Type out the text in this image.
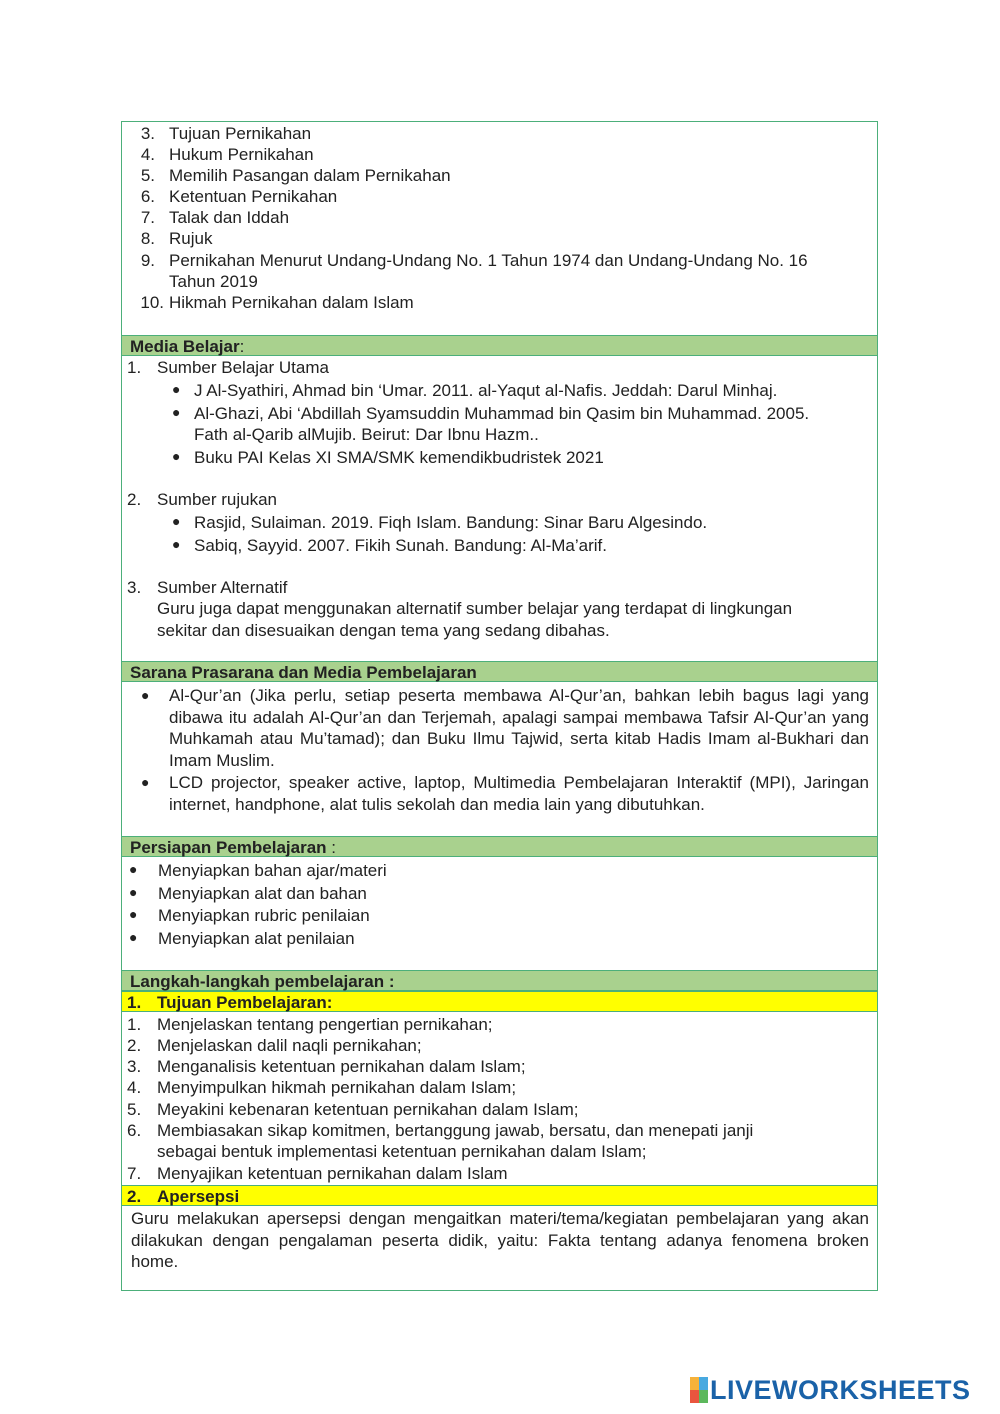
3. Tujuan Pernikahan
4. Hukum Pernikahan
5. Memilih Pasangan dalam Pernikahan
6. Ketentuan Pernikahan
7. Talak dan Iddah
8. Rujuk
9. Pernikahan Menurut Undang-Undang No. 1 Tahun 1974 dan Undang-Undang No. 16
Tahun 2019
10. Hikmah Pernikahan dalam Islam
Media Belajar:
1. Sumber Belajar Utama
● J Al-Syathiri, Ahmad bin ‘Umar. 2011. al-Yaqut al-Nafis. Jeddah: Darul Minhaj.
● Al-Ghazi, Abi ‘Abdillah Syamsuddin Muhammad bin Qasim bin Muhammad. 2005.
Fath al-Qarib alMujib. Beirut: Dar Ibnu Hazm..
● Buku PAI Kelas XI SMA/SMK kemendikbudristek 2021
2. Sumber rujukan
● Rasjid, Sulaiman. 2019. Fiqh Islam. Bandung: Sinar Baru Algesindo.
● Sabiq, Sayyid. 2007. Fikih Sunah. Bandung: Al-Ma’arif.
3. Sumber Alternatif
Guru juga dapat menggunakan alternatif sumber belajar yang terdapat di lingkungan
sekitar dan disesuaikan dengan tema yang sedang dibahas.
Sarana Prasarana dan Media Pembelajaran
● Al-Qur’an (Jika perlu, setiap peserta membawa Al-Qur’an, bahkan lebih bagus lagi yang dibawa itu adalah Al-Qur’an dan Terjemah, apalagi sampai membawa Tafsir Al-Qur’an yang Muhkamah atau Mu’tamad); dan Buku Ilmu Tajwid, serta kitab Hadis Imam al-Bukhari dan Imam Muslim.
● LCD projector, speaker active, laptop, Multimedia Pembelajaran Interaktif (MPI), Jaringan internet, handphone, alat tulis sekolah dan media lain yang dibutuhkan.
Persiapan Pembelajaran :
● Menyiapkan bahan ajar/materi
● Menyiapkan alat dan bahan
● Menyiapkan rubric penilaian
● Menyiapkan alat penilaian
Langkah-langkah pembelajaran :
1. Tujuan Pembelajaran:
1. Menjelaskan tentang pengertian pernikahan;
2. Menjelaskan dalil naqli pernikahan;
3. Menganalisis ketentuan pernikahan dalam Islam;
4. Menyimpulkan hikmah pernikahan dalam Islam;
5. Meyakini kebenaran ketentuan pernikahan dalam Islam;
6. Membiasakan sikap komitmen, bertanggung jawab, bersatu, dan menepati janji
sebagai bentuk implementasi ketentuan pernikahan dalam Islam;
7. Menyajikan ketentuan pernikahan dalam Islam
2. Apersepsi
Guru melakukan apersepsi dengan mengaitkan materi/tema/kegiatan pembelajaran yang akan dilakukan dengan pengalaman peserta didik, yaitu: Fakta tentang adanya fenomena broken home.
LIVEWORKSHEETS
